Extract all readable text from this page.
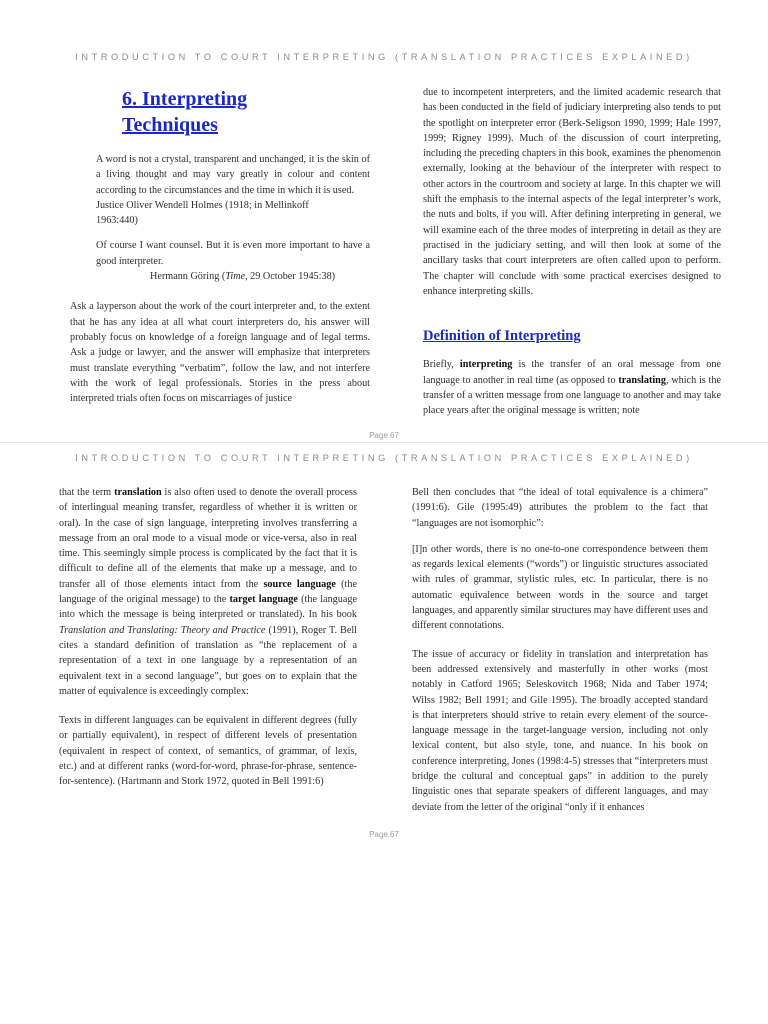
INTRODUCTION TO COURT INTERPRETING (TRANSLATION PRACTICES EXPLAINED)

6. Interpreting

Techniques

A word is not a crystal, transparent and unchanged, it is the skin of a living thought and may vary greatly in colour and content according to the circumstances and the time in which it is used.

Justice Oliver Wendell Holmes (1918; in Mellinkoff

1963:440)

Of course I want counsel. But it is even more important to have a good interpreter.

Hermann Göring (Time, 29 October 1945:38)

Ask a layperson about the work of the court interpreter and, to the extent that he has any idea at all what court interpreters do, his answer will probably focus on knowledge of a foreign language and of legal terms. Ask a judge or lawyer, and the answer will emphasize that interpreters must translate everything “verbatim”, follow the law, and not interfere with the work of legal professionals. Stories in the press about interpreted trials often focus on miscarriages of justice

due to incompetent interpreters, and the limited academic research that has been conducted in the field of judiciary interpreting also tends to put the spotlight on interpreter error (Berk-Seligson 1990, 1999; Hale 1997, 1999; Rigney 1999). Much of the discussion of court interpreting, including the preceding chapters in this book, examines the phenomenon externally, looking at the behaviour of the interpreter with respect to other actors in the courtroom and society at large. In this chapter we will shift the emphasis to the internal aspects of the legal interpreter’s work, the nuts and bolts, if you will. After defining interpreting in general, we will examine each of the three modes of interpreting in detail as they are practised in the judiciary setting, and will then look at some of the ancillary tasks that court interpreters are often called upon to perform. The chapter will conclude with some practical exercises designed to enhance interpreting skills.

Definition of Interpreting

Briefly, interpreting is the transfer of an oral message from one language to another in real time (as opposed to translating, which is the transfer of a written message from one language to another and may take place years after the original message is written; note

Page 67
INTRODUCTION TO COURT INTERPRETING (TRANSLATION PRACTICES EXPLAINED)

that the term translation is also often used to denote the overall process of interlingual meaning transfer, regardless of whether it is written or oral). In the case of sign language, interpreting involves transferring a message from an oral mode to a visual mode or vice-versa, also in real time. This seemingly simple process is complicated by the fact that it is difficult to define all of the elements that make up a message, and to transfer all of those elements intact from the source language (the language of the original message) to the target language (the language into which the message is being interpreted or translated). In his book Translation and Translating: Theory and Practice (1991), Roger T. Bell cites a standard definition of translation as “the replacement of a representation of a text in one language by a representation of an equivalent text in a second language”, but goes on to explain that the matter of equivalence is exceedingly complex:

Texts in different languages can be equivalent in different degrees (fully or partially equivalent), in respect of different levels of presentation (equivalent in respect of context, of semantics, of grammar, of lexis, etc.) and at different ranks (word-for-word, phrase-for-phrase, sentence-for-sentence). (Hartmann and Stork 1972, quoted in Bell 1991:6)

Bell then concludes that “the ideal of total equivalence is a chimera” (1991:6). Gile (1995:49) attributes the problem to the fact that “languages are not isomorphic”:

[I]n other words, there is no one-to-one correspondence between them as regards lexical elements (“words”) or linguistic structures associated with rules of grammar, stylistic rules, etc. In particular, there is no automatic equivalence between words in the source and target languages, and apparently similar structures may have different uses and different connotations.

The issue of accuracy or fidelity in translation and interpretation has been addressed extensively and masterfully in other works (most notably in Catford 1965; Seleskovitch 1968; Nida and Taber 1974; Wilss 1982; Bell 1991; and Gile 1995). The broadly accepted standard is that interpreters should strive to retain every element of the source-language message in the target-language version, including not only lexical content, but also style, tone, and nuance. In his book on conference interpreting, Jones (1998:4-5) stresses that “interpreters must bridge the cultural and conceptual gaps” in addition to the purely linguistic ones that separate speakers of different languages, and may deviate from the letter of the original “only if it enhances

Page 67
